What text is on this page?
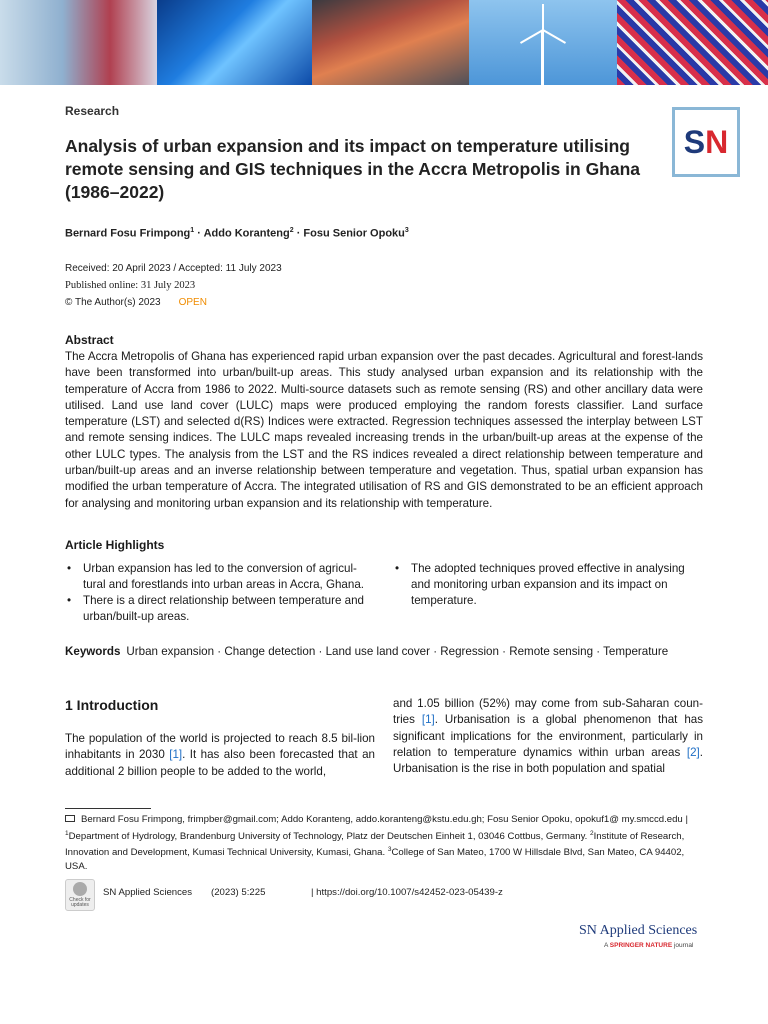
Research
Analysis of urban expansion and its impact on temperature utilising remote sensing and GIS techniques in the Accra Metropolis in Ghana (1986–2022)
S N
Bernard Fosu Frimpong$^1$ · Addo Koranteng$^2$ · Fosu Senior Opoku$^3$
Received: 20 April 2023 / Accepted: 11 July 2023
Published online: 31 July 2023
© The Author(s) 2023 OPEN
Abstract
The Accra Metropolis of Ghana has experienced rapid urban expansion over the past decades. Agricultural and forest-lands have been transformed into urban/built-up areas. This study analysed urban expansion and its relationship with the temperature of Accra from 1986 to 2022. Multi-source datasets such as remote sensing (RS) and other ancillary data were utilised. Land use land cover (LULC) maps were produced employing the random forests classifier. Land surface temperature (LST) and selected d(RS) Indices were extracted. Regression techniques assessed the interplay between LST and remote sensing indices. The LULC maps revealed increasing trends in the urban/built-up areas at the expense of the other LULC types. The analysis from the LST and the RS indices revealed a direct relationship between temperature and urban/built-up areas and an inverse relationship between temperature and vegetation. Thus, spatial urban expansion has modified the urban temperature of Accra. The integrated utilisation of RS and GIS demonstrated to be an efficient approach for analysing and monitoring urban expansion and its relationship with temperature.
Article Highlights
• Urban expansion has led to the conversion of agricul-tural and forestlands into urban areas in Accra, Ghana.
• There is a direct relationship between temperature and urban/built-up areas.
• The adopted techniques proved effective in analysing and monitoring urban expansion and its impact on temperature.
Keywords Urban expansion · Change detection · Land use land cover · Regression · Remote sensing · Temperature
1 Introduction
The population of the world is projected to reach 8.5 bil-lion inhabitants in 2030 [1]. It has also been forecasted that an additional 2 billion people to be added to the world,
and 1.05 billion (52%) may come from sub-Saharan coun-tries [1]. Urbanisation is a global phenomenon that has significant implications for the environment, particularly in relation to temperature dynamics within urban areas [2]. Urbanisation is the rise in both population and spatial
Bernard Fosu Frimpong, frimpber@gmail.com; Addo Koranteng, addo.koranteng@kstu.edu.gh; Fosu Senior Opoku, opokuf1@ my.smccd.edu | $^1$Department of Hydrology, Brandenburg University of Technology, Platz der Deutschen Einheit 1, 03046 Cottbus, Germany. $^2$Institute of Research, Innovation and Development, Kumasi Technical University, Kumasi, Ghana. $^3$College of San Mateo, 1700 W Hillsdale Blvd, San Mateo, CA 94402, USA.
Check for updates
SN Applied Sciences (2023) 5:225	| https://doi.org/10.1007/s42452-023-05439-z
SN Applied Sciences
A SPRINGER NATURE journal
